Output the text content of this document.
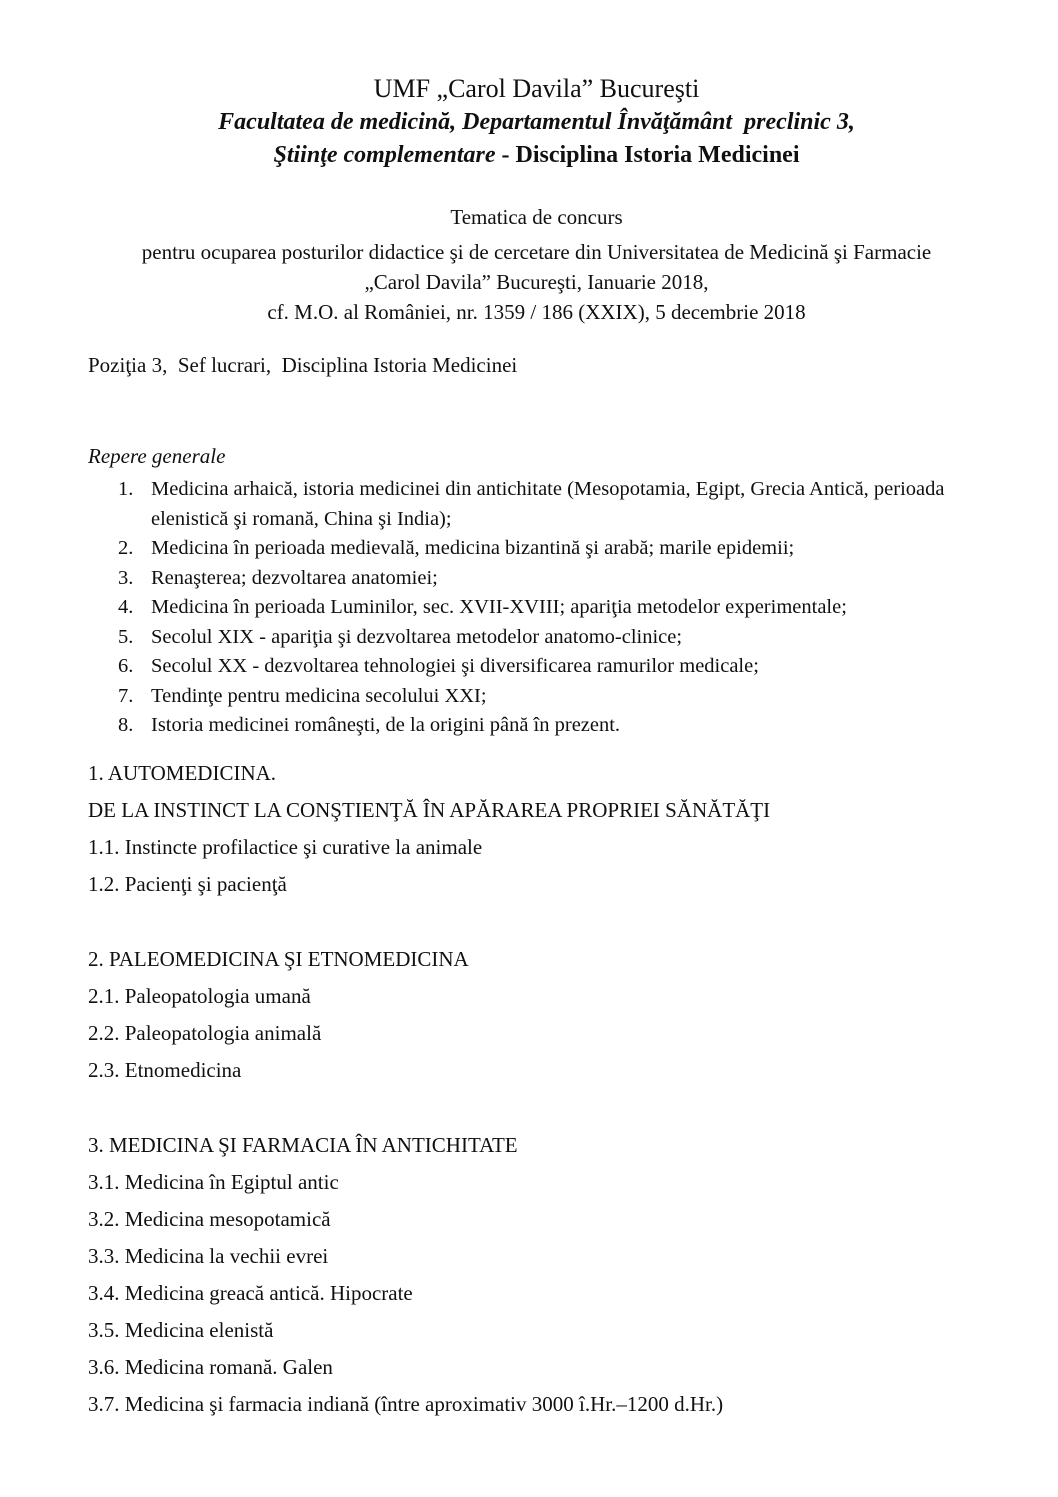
UMF „Carol Davila” Bucureşti
Facultatea de medicină, Departamentul Învăţământ  preclinic 3,
Ştiinţe complementare - Disciplina Istoria Medicinei
Tematica de concurs
pentru ocuparea posturilor didactice şi de cercetare din Universitatea de Medicină şi Farmacie
„Carol Davila” Bucureşti, Ianuarie 2018,
cf. M.O. al României, nr. 1359 / 186 (XXIX), 5 decembrie 2018

Poziţia 3,  Sef lucrari,  Disciplina Istoria Medicinei

Repere generale

1. Medicina arhaică, istoria medicinei din antichitate (Mesopotamia, Egipt, Grecia Antică, perioada elenistică şi romană, China şi India);
2. Medicina în perioada medievală, medicina bizantină şi arabă; marile epidemii;
3. Renaşterea; dezvoltarea anatomiei;
4. Medicina în perioada Luminilor, sec. XVII-XVIII; apariţia metodelor experimentale;
5. Secolul XIX - apariţia şi dezvoltarea metodelor anatomo-clinice;
6. Secolul XX - dezvoltarea tehnologiei şi diversificarea ramurilor medicale;
7. Tendinţe pentru medicina secolului XXI;
8. Istoria medicinei româneşti, de la origini până în prezent.

1. AUTOMEDICINA.

DE LA INSTINCT LA CONŞTIENŢĂ ÎN APĂRAREA PROPRIEI SĂNĂTĂŢI

1.1. Instincte profilactice şi curative la animale

1.2. Pacienţi şi pacienţă

2. PALEOMEDICINA ŞI ETNOMEDICINA

2.1. Paleopatologia umană

2.2. Paleopatologia animală

2.3. Etnomedicina

3. MEDICINA ŞI FARMACIA ÎN ANTICHITATE

3.1. Medicina în Egiptul antic

3.2. Medicina mesopotamică

3.3. Medicina la vechii evrei

3.4. Medicina greacă antică. Hipocrate

3.5. Medicina elenistă

3.6. Medicina romană. Galen

3.7. Medicina şi farmacia indiană (între aproximativ 3000 î.Hr.–1200 d.Hr.)
